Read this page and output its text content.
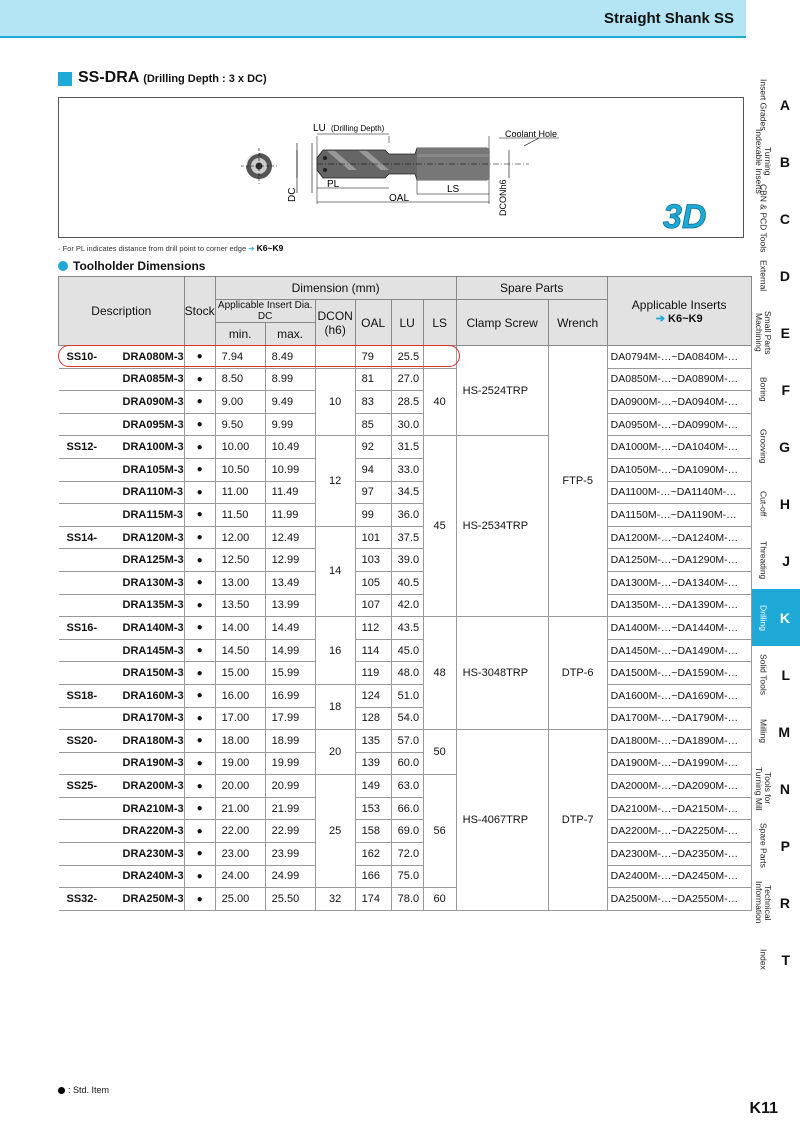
Straight Shank SS
SS-DRA (Drilling Depth : 3 x DC)
LU (Drilling Depth)
Coolant Hole
PL
OAL
LS
DC	DCONh6
3D
· For PL indicates distance from drill point to corner edge ➔ K6~K9
Toolholder Dimensions
Description		Stock	Dimension (mm)						Spare Parts		Applicable Inserts
➔ K6~K9

			Applicable Insert Dia. DC		DCON
(h6)	OAL	LU	LS	Clamp Screw	Wrench	
			min.	max.							
SS10-	DRA080M-3	●	7.94	8.49		79	25.5		HS-2524TRP	FTP-5	DA0794M-…~DA0840M-…
	DRA085M-3	●	8.50	8.99	10	81	27.0	40			DA0850M-…~DA0890M-…
	DRA090M-3	●	9.00	9.49		83	28.5				DA0900M-…~DA0940M-…
	DRA095M-3	●	9.50	9.99		85	30.0				DA0950M-…~DA0990M-…
SS12-	DRA100M-3	●	10.00	10.49	12	92	31.5	45	HS-2534TRP		DA1000M-…~DA1040M-…
	DRA105M-3	●	10.50	10.99		94	33.0				DA1050M-…~DA1090M-…
	DRA110M-3	●	11.00	11.49		97	34.5				DA1100M-…~DA1140M-…
	DRA115M-3	●	11.50	11.99		99	36.0				DA1150M-…~DA1190M-…
SS14-	DRA120M-3	●	12.00	12.49	14	101	37.5				DA1200M-…~DA1240M-…
	DRA125M-3	●	12.50	12.99		103	39.0				DA1250M-…~DA1290M-…
	DRA130M-3	●	13.00	13.49		105	40.5				DA1300M-…~DA1340M-…
	DRA135M-3	●	13.50	13.99		107	42.0				DA1350M-…~DA1390M-…
SS16-	DRA140M-3	●	14.00	14.49	16	112	43.5	48	HS-3048TRP	DTP-6	DA1400M-…~DA1440M-…
	DRA145M-3	●	14.50	14.99		114	45.0				DA1450M-…~DA1490M-…
	DRA150M-3	●	15.00	15.99		119	48.0				DA1500M-…~DA1590M-…
SS18-	DRA160M-3	●	16.00	16.99	18	124	51.0				DA1600M-…~DA1690M-…
	DRA170M-3	●	17.00	17.99		128	54.0				DA1700M-…~DA1790M-…
SS20-	DRA180M-3	●	18.00	18.99	20	135	57.0	50	HS-4067TRP	DTP-7	DA1800M-…~DA1890M-…
	DRA190M-3	●	19.00	19.99		139	60.0				DA1900M-…~DA1990M-…
SS25-	DRA200M-3	●	20.00	20.99	25	149	63.0	56			DA2000M-…~DA2090M-…
	DRA210M-3	●	21.00	21.99		153	66.0				DA2100M-…~DA2150M-…
	DRA220M-3	●	22.00	22.99		158	69.0				DA2200M-…~DA2250M-…
	DRA230M-3	●	23.00	23.99		162	72.0				DA2300M-…~DA2350M-…
	DRA240M-3	●	24.00	24.99		166	75.0				DA2400M-…~DA2450M-…
SS32-	DRA250M-3	●	25.00	25.50	32	174	78.0	60			DA2500M-…~DA2550M-…
Insert Grades A
Turning
Indexable Inserts
B
CBN & PCD Tools C
External D
Small Parts
Machining	E
Boring F
Grooving G
Cut-off H
Threading J
Drilling K
Solid Tools L
Milling M
Tools for
Turning Mill
N
Spare Parts P
Technical
Information	R
Index T
: Std. Item
K11
